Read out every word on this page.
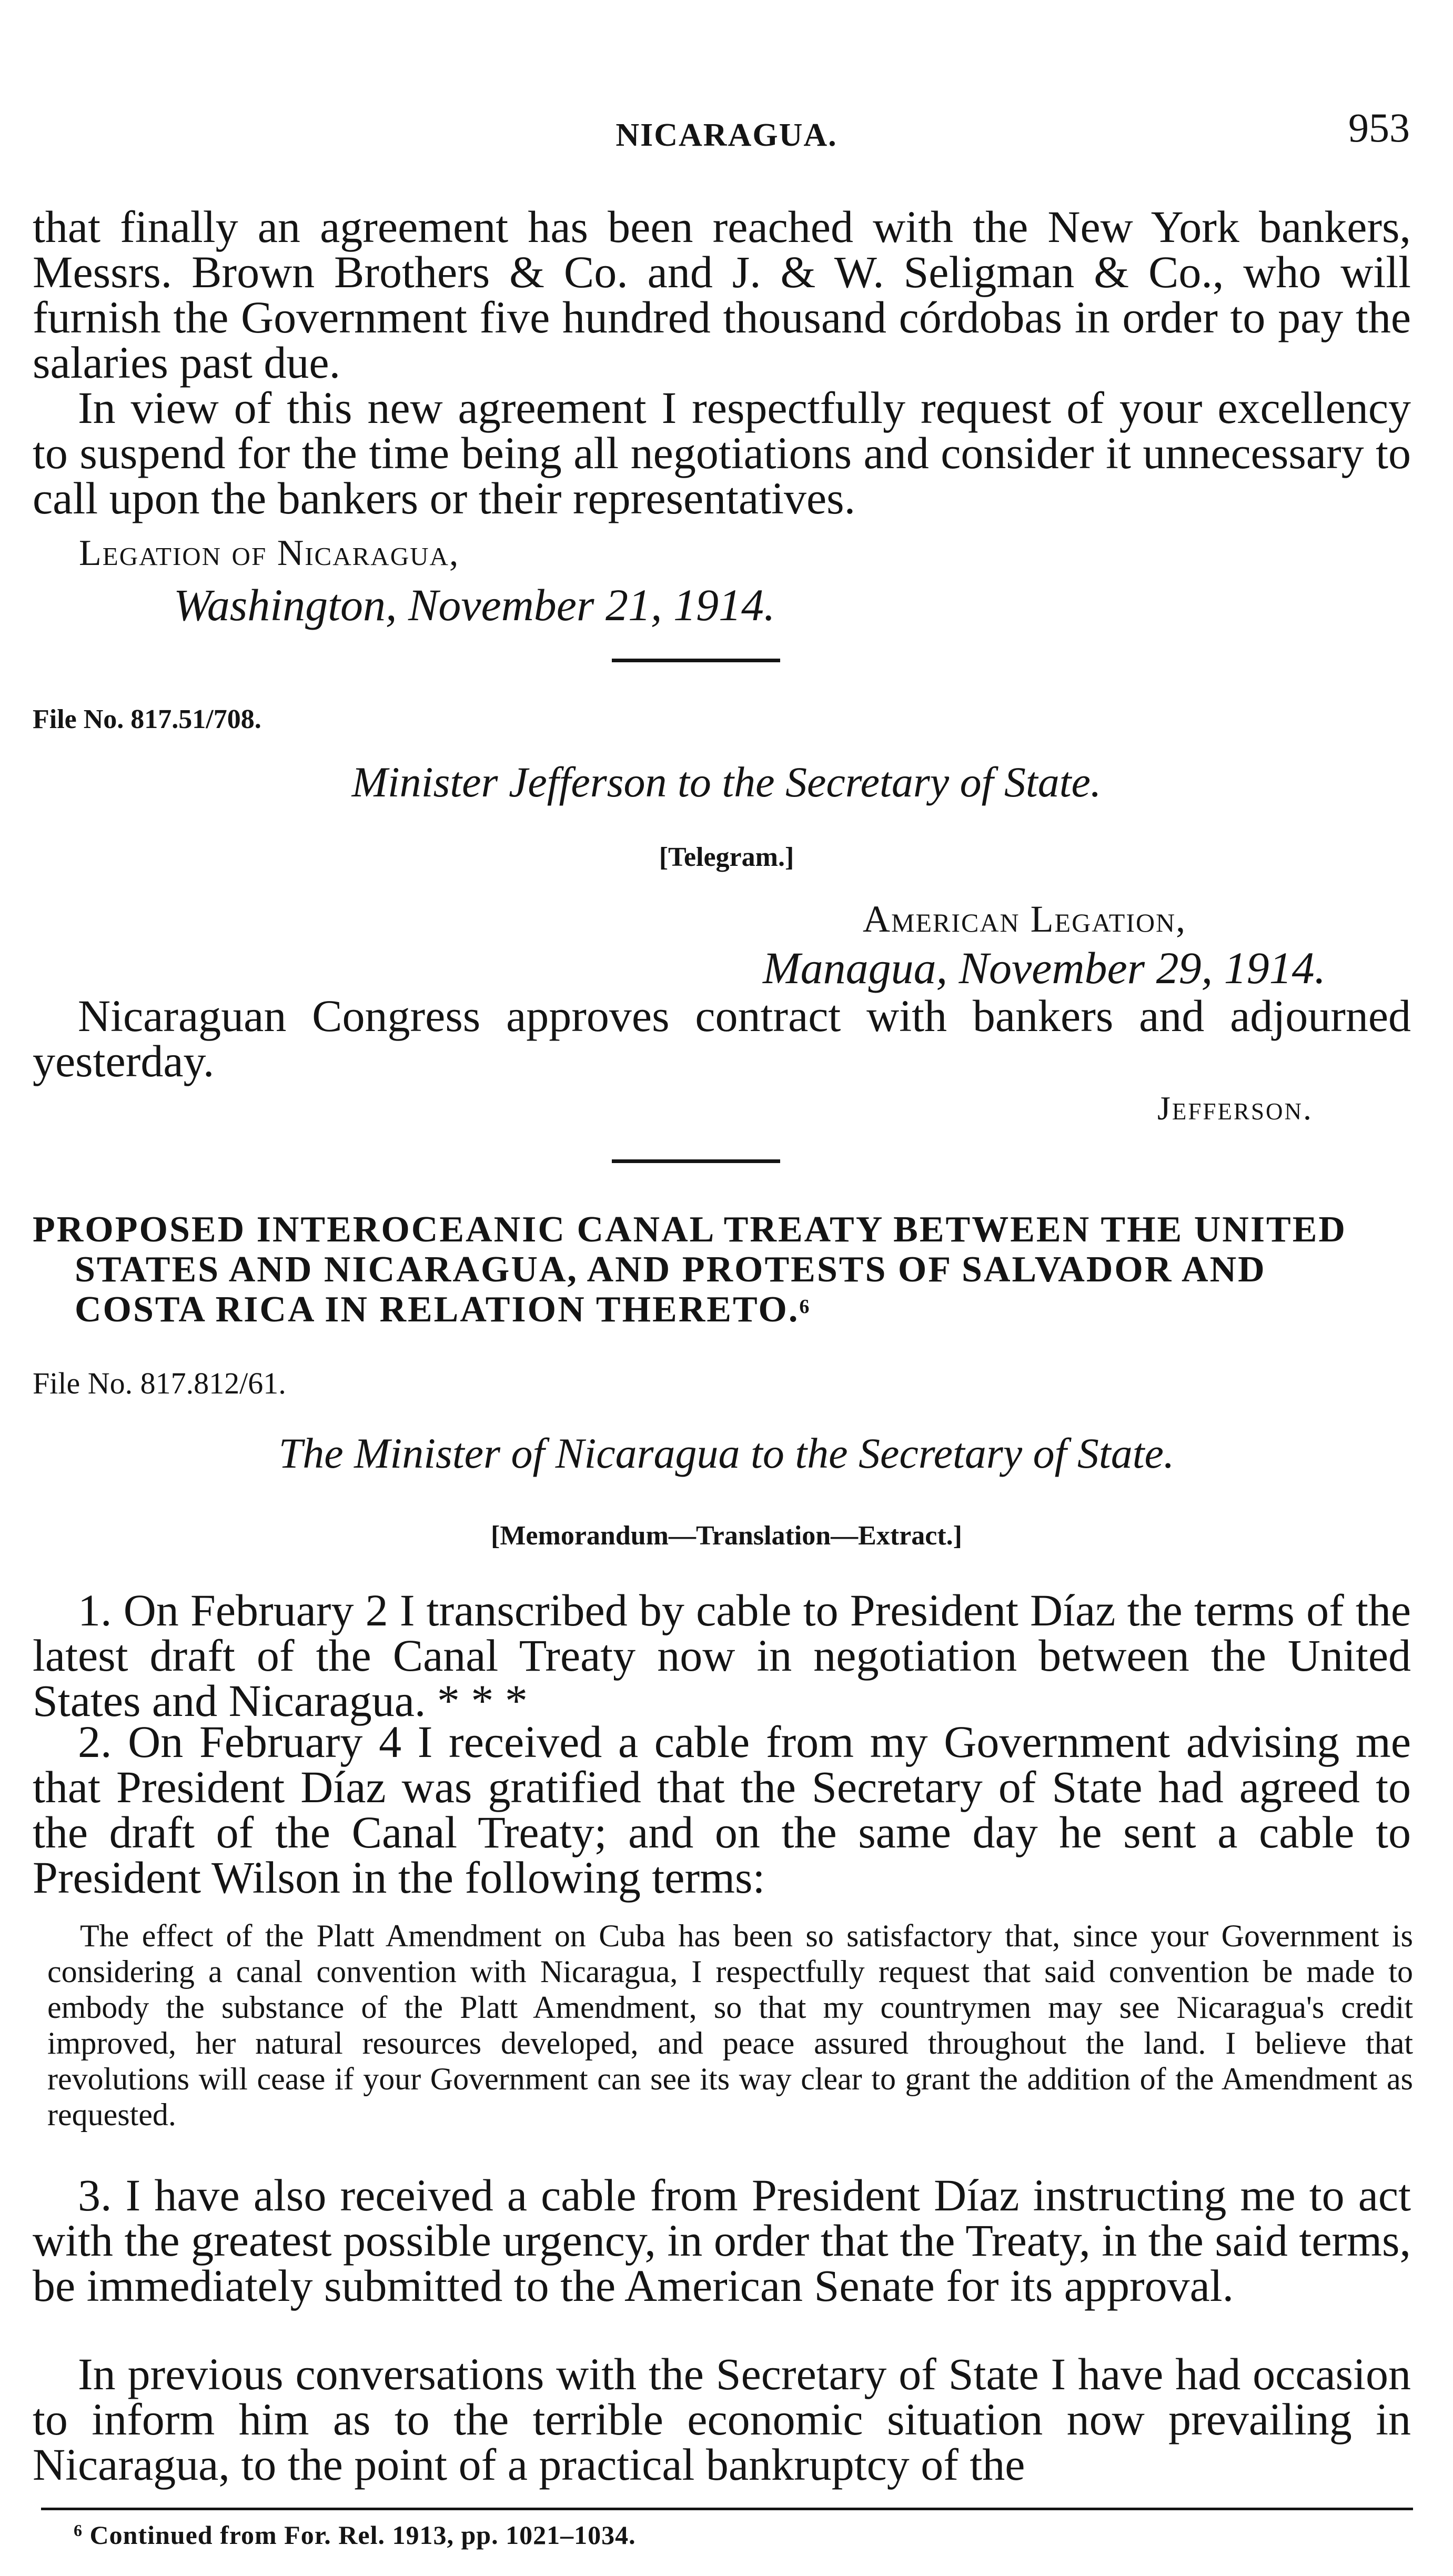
NICARAGUA.	953

that finally an agreement has been reached with the New York bankers, Messrs. Brown Brothers & Co. and J. & W. Seligman & Co., who will furnish the Government five hundred thousand córdobas in order to pay the salaries past due.

In view of this new agreement I respectfully request of your excellency to suspend for the time being all negotiations and consider it unnecessary to call upon the bankers or their representatives.

Legation of Nicaragua,
Washington, November 21, 1914.
File No. 817.51/708.
Minister Jefferson to the Secretary of State.
[Telegram.]
American Legation,
Managua, November 29, 1914.

Nicaraguan Congress approves contract with bankers and adjourned yesterday.

Jefferson.
PROPOSED INTEROCEANIC CANAL TREATY BETWEEN THE UNITED
STATES AND NICARAGUA, AND PROTESTS OF SALVADOR AND
COSTA RICA IN RELATION THERETO.$^6$
File No. 817.812/61.
The Minister of Nicaragua to the Secretary of State.
[Memorandum—Translation—Extract.]

1. On February 2 I transcribed by cable to President Díaz the terms of the latest draft of the Canal Treaty now in negotiation between the United States and Nicaragua. * * *

2. On February 4 I received a cable from my Government advising me that President Díaz was gratified that the Secretary of State had agreed to the draft of the Canal Treaty; and on the same day he sent a cable to President Wilson in the following terms:

The effect of the Platt Amendment on Cuba has been so satisfactory that, since your Government is considering a canal convention with Nicaragua, I respectfully request that said convention be made to embody the substance of the Platt Amendment, so that my countrymen may see Nicaragua's credit improved, her natural resources developed, and peace assured throughout the land. I believe that revolutions will cease if your Government can see its way clear to grant the addition of the Amendment as requested.

3. I have also received a cable from President Díaz instructing me to act with the greatest possible urgency, in order that the Treaty, in the said terms, be immediately submitted to the American Senate for its approval.

In previous conversations with the Secretary of State I have had occasion to inform him as to the terrible economic situation now prevailing in Nicaragua, to the point of a practical bankruptcy of the

$^6$ Continued from For. Rel. 1913, pp. 1021–1034.
